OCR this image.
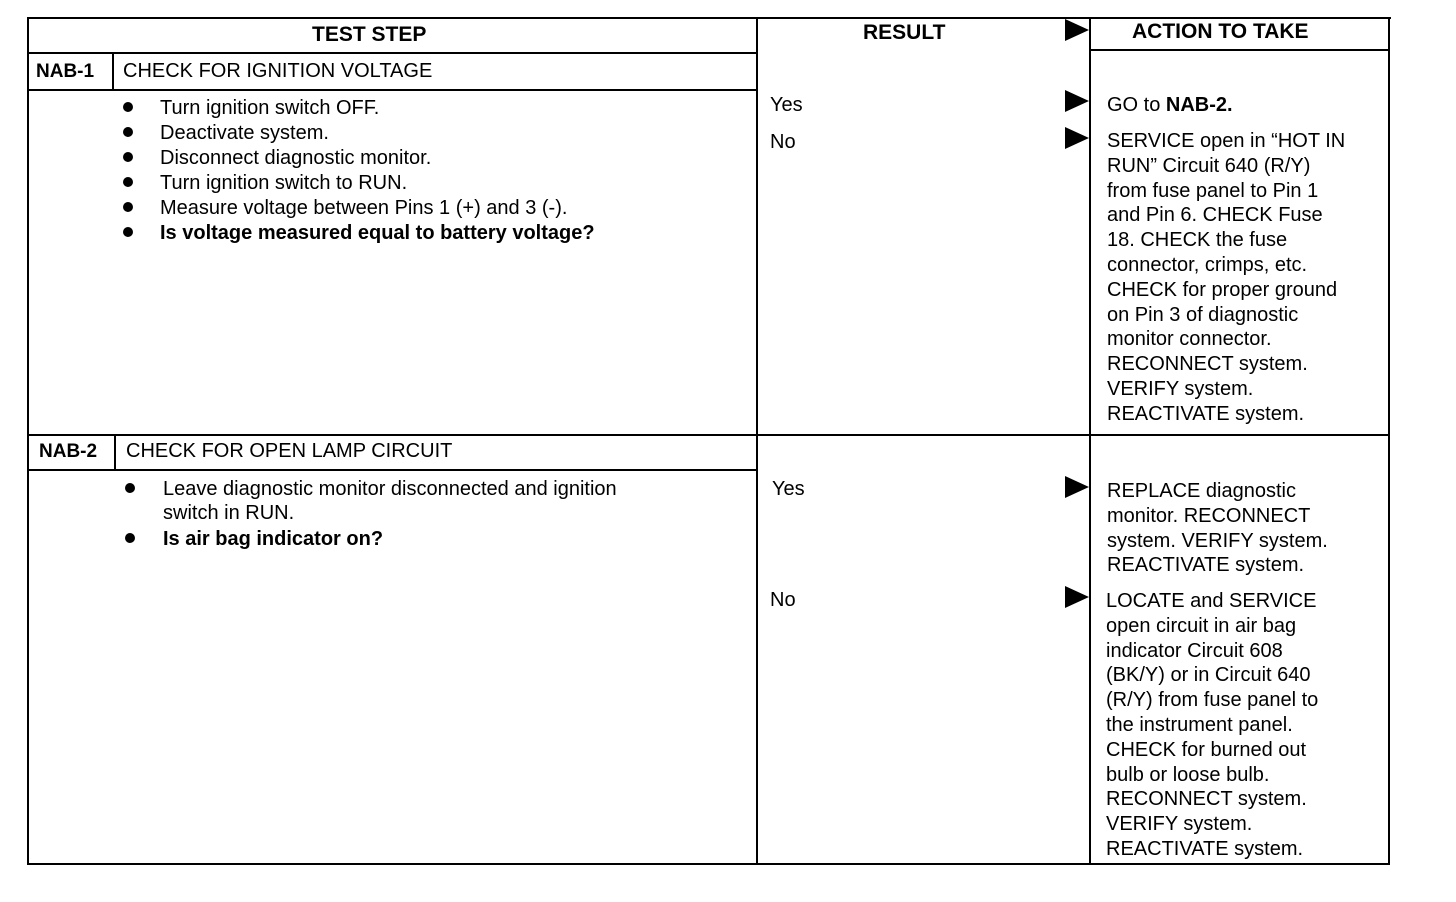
TEST STEP	RESULT	ACTION TO TAKE
NAB-1 CHECK FOR IGNITION VOLTAGE
Turn ignition switch OFF.
Deactivate system.
Disconnect diagnostic monitor.
Turn ignition switch to RUN.
Measure voltage between Pins 1 (+) and 3 (-).
Is voltage measured equal to battery voltage?
Yes
No
GO to NAB-2.
SERVICE open in “HOT IN
RUN” Circuit 640 (R/Y)
from fuse panel to Pin 1
and Pin 6. CHECK Fuse
18. CHECK the fuse
connector, crimps, etc.
CHECK for proper ground
on Pin 3 of diagnostic
monitor connector.
RECONNECT system.
VERIFY system.
REACTIVATE system.
NAB-2 CHECK FOR OPEN LAMP CIRCUIT
Leave diagnostic monitor disconnected and ignition
switch in RUN.
Is air bag indicator on?
Yes
No
REPLACE diagnostic
monitor. RECONNECT
system. VERIFY system.
REACTIVATE system.
LOCATE and SERVICE
open circuit in air bag
indicator Circuit 608
(BK/Y) or in Circuit 640
(R/Y) from fuse panel to
the instrument panel.
CHECK for burned out
bulb or loose bulb.
RECONNECT system.
VERIFY system.
REACTIVATE system.
